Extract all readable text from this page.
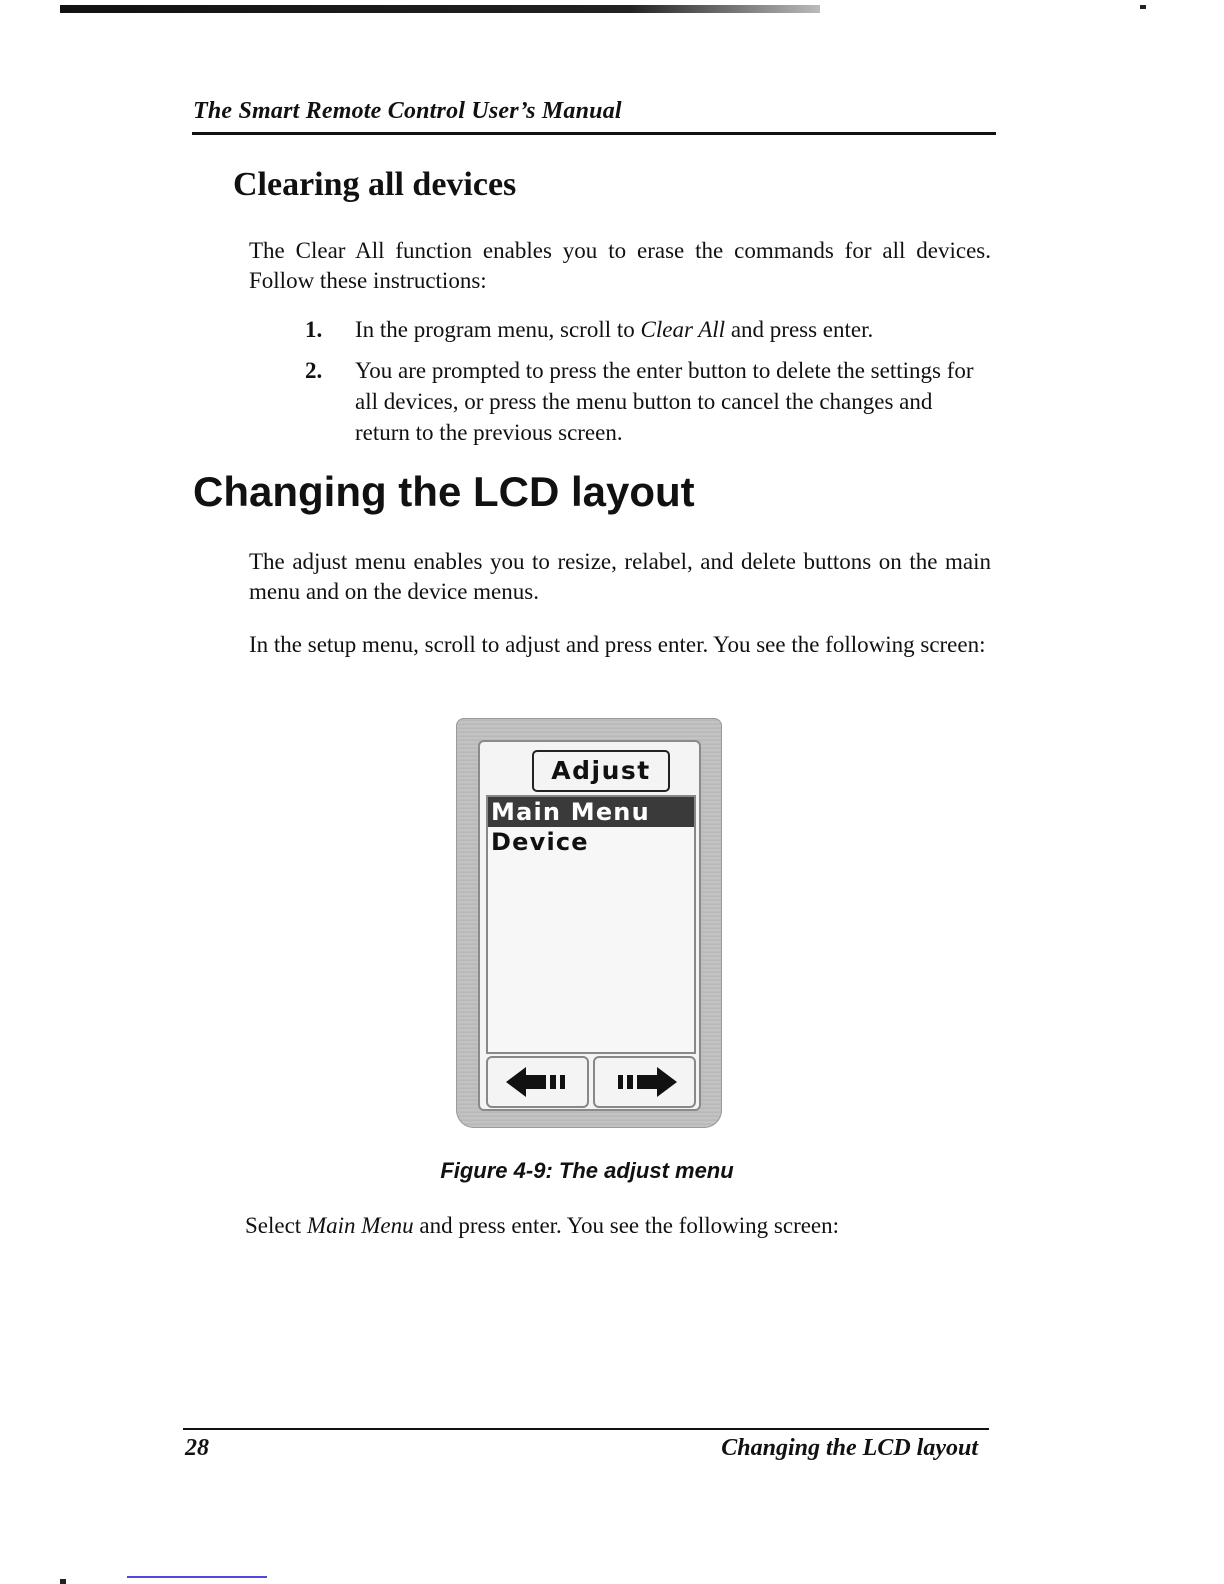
The Smart Remote Control User’s Manual
Clearing all devices

The Clear All function enables you to erase the commands for all devices. Follow these instructions:

1. In the program menu, scroll to Clear All and press enter.
2. You are prompted to press the enter button to delete the settings for all devices, or press the menu button to cancel the changes and return to the previous screen.
Changing the LCD layout

The adjust menu enables you to resize, relabel, and delete buttons on the main menu and on the device menus.

In the setup menu, scroll to adjust and press enter. You see the following screen:

Adjust
Main Menu
Device
Figure 4-9: The adjust menu

Select Main Menu and press enter. You see the following screen:

28	Changing the LCD layout
